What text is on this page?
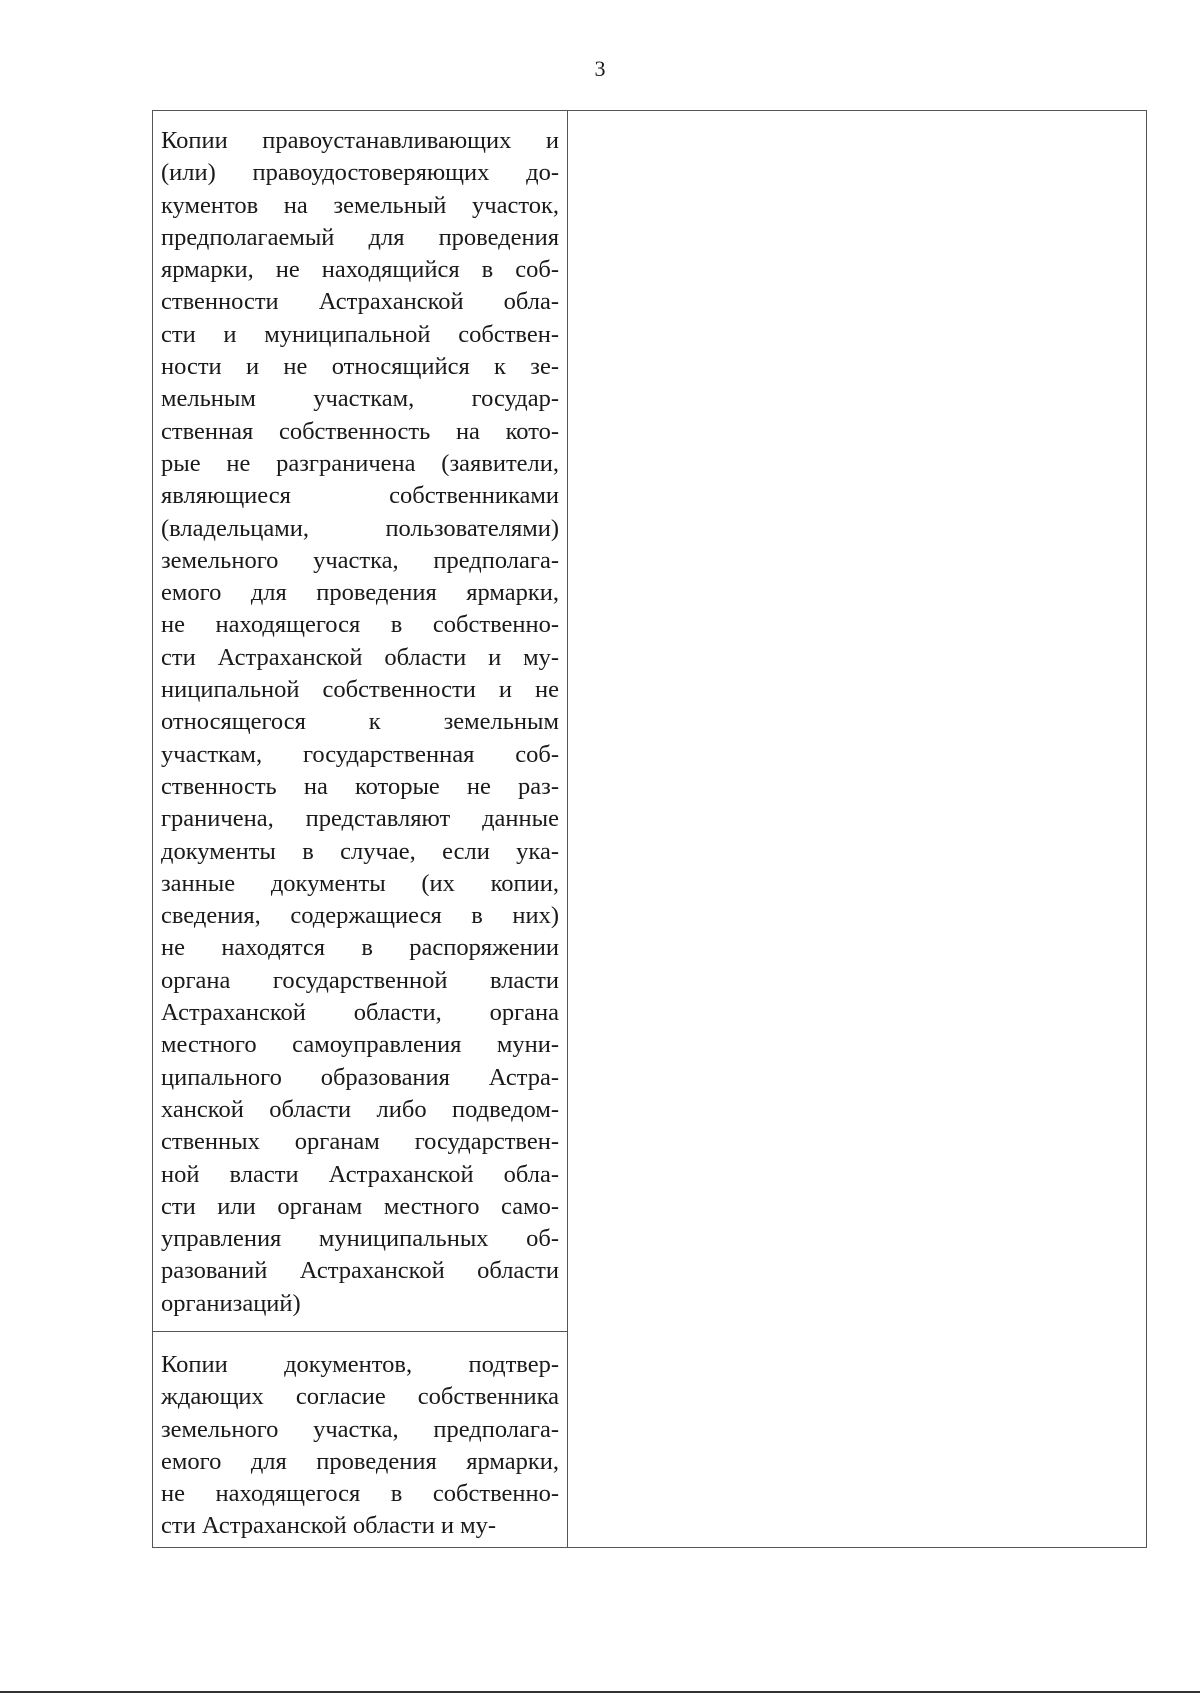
3
Копии правоустанавливающих и
(или) правоудостоверяющих до-
кументов на земельный участок,
предполагаемый для проведения
ярмарки, не находящийся в соб-
ственности Астраханской обла-
сти и муниципальной собствен-
ности и не относящийся к зе-
мельным участкам, государ-
ственная собственность на кото-
рые не разграничена (заявители,
являющиеся собственниками
(владельцами, пользователями)
земельного участка, предполага-
емого для проведения ярмарки,
не находящегося в собственно-
сти Астраханской области и му-
ниципальной собственности и не
относящегося к земельным
участкам, государственная соб-
ственность на которые не раз-
граничена, представляют данные
документы в случае, если ука-
занные документы (их копии,
сведения, содержащиеся в них)
не находятся в распоряжении
органа государственной власти
Астраханской области, органа
местного самоуправления муни-
ципального образования Астра-
ханской области либо подведом-
ственных органам государствен-
ной власти Астраханской обла-
сти или органам местного само-
управления муниципальных об-
разований Астраханской области
организаций)
Копии документов, подтвер-
ждающих согласие собственника
земельного участка, предполага-
емого для проведения ярмарки,
не находящегося в собственно-
сти Астраханской области и му-
